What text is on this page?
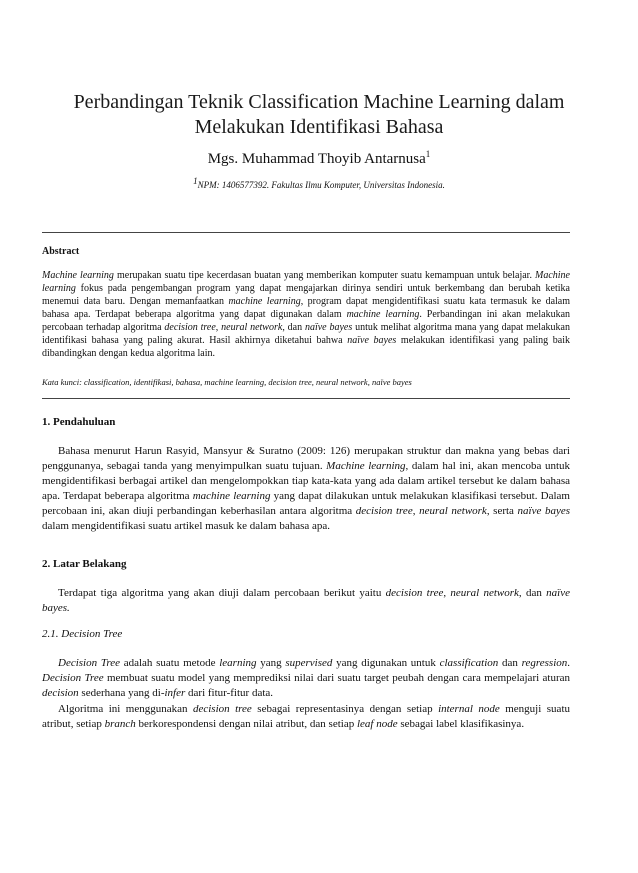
Perbandingan Teknik Classification Machine Learning dalam
Melakukan Identifikasi Bahasa
Mgs. Muhammad Thoyib Antarnusa$^1$
$^1$NPM: 1406577392. Fakultas Ilmu Komputer, Universitas Indonesia.
Abstract

Machine learning merupakan suatu tipe kecerdasan buatan yang memberikan komputer suatu kemampuan untuk belajar. Machine learning fokus pada pengembangan program yang dapat mengajarkan dirinya sendiri untuk berkembang dan berubah ketika menemui data baru. Dengan memanfaatkan machine learning, program dapat mengidentifikasi suatu kata termasuk ke dalam bahasa apa. Terdapat beberapa algoritma yang dapat digunakan dalam machine learning. Perbandingan ini akan melakukan percobaan terhadap algoritma decision tree, neural network, dan naïve bayes untuk melihat algoritma mana yang dapat melakukan identifikasi bahasa yang paling akurat. Hasil akhirnya diketahui bahwa naïve bayes melakukan identifikasi yang paling baik dibandingkan dengan kedua algoritma lain.

Kata kunci: classification, identifikasi, bahasa, machine learning, decision tree, neural network, naïve bayes

1. Pendahuluan

Bahasa menurut Harun Rasyid, Mansyur & Suratno (2009: 126) merupakan struktur dan makna yang bebas dari penggunanya, sebagai tanda yang menyimpulkan suatu tujuan. Machine learning, dalam hal ini, akan mencoba untuk mengidentifikasi berbagai artikel dan mengelompokkan tiap kata-kata yang ada dalam artikel tersebut ke dalam bahasa apa. Terdapat beberapa algoritma machine learning yang dapat dilakukan untuk melakukan klasifikasi tersebut. Dalam percobaan ini, akan diuji perbandingan keberhasilan antara algoritma decision tree, neural network, serta naïve bayes dalam mengidentifikasi suatu artikel masuk ke dalam bahasa apa.

2. Latar Belakang

Terdapat tiga algoritma yang akan diuji dalam percobaan berikut yaitu decision tree, neural network, dan naïve bayes.

2.1. Decision Tree

Decision Tree adalah suatu metode learning yang supervised yang digunakan untuk classification dan regression. Decision Tree membuat suatu model yang memprediksi nilai dari suatu target peubah dengan cara mempelajari aturan decision sederhana yang di-infer dari fitur-fitur data.

Algoritma ini menggunakan decision tree sebagai representasinya dengan setiap internal node menguji suatu atribut, setiap branch berkorespondensi dengan nilai atribut, dan setiap leaf node sebagai label klasifikasinya.
